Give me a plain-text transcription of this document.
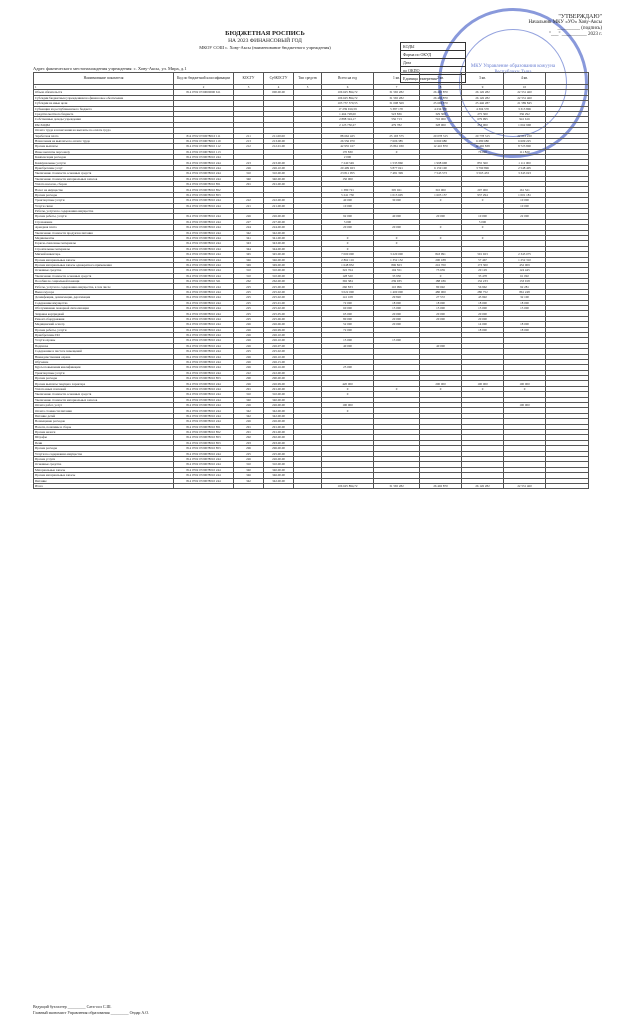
МКУ Управление образования кожууна Республики Тыва
"УТВЕРЖДАЮ"
Начальник МКУ «УО» Хову-Аксы
_________ (подпись)
"___" __________ 2023 г.
БЮДЖЕТНАЯ РОСПИСЬ
НА 2023 ФИНАНСОВЫЙ ГОД
МКОУ СОШ с. Хову-Аксы (наименование бюджетного учреждения)	КОДЫ
Форма по ОКУД
Дата
по ОКПО
Единица измерения
Адрес фактического местонахождения учреждения: с. Хову-Аксы, ул. Мира, д.1
Наименование показателя	Код по бюджетной классификации	КОСГУ	СубКОСГУ	Тип средств	Всего на год	1 кв.	2 кв.	3 кв.	4 кв.	
1	2	3	4	5	6	7	8	9	10	
Объем обязательств	814 0702 0720000000 611		000.00.00		106 625 894,72	31 565 282	26 402 870	26 126 282	22 531 460	
Субсидии бюджетным учреждениям на финансовое обеспечение					106 625 894,72	31 565 282	26 402 870	26 126 282	22 531 460	
Субсидии на иные цели					103 737 570,55	31 008 569	25 692 870	25 446 287	21 589 845	
Субвенции из республиканского бюджета					17 239 916,59	5 387 170	4 234 370	4 304 570	3 313 806	
Средства местного бюджета					1 464 728,00	523 836	329 300	275 300	336 292	
Собственные доходы учреждения					2 888 324,17	556 713	710 000	679 995	941 616	
РАСХОДЫ					2 123 750,27	479 782	328 000	253 000	1 062 968	
Оплата труда и начисления на выплаты по оплате труда										
Заработная плата	814 0702 0720078010 111	211	211.00.00		88 662 425	25 193 575	20 078 315	20 778 315	22 612 220	
Начисления на выплаты по оплате труда	814 0702 0720078010 119	213	213.00.00		26 556 970	7 606 385	6 060 680	6 280 680	6 609 225	
Прочие выплаты	814 0702 0720078010 112	212	212.01.00		42 955 167	15 861 030	12 410 870	12 492 838	8 723 800	
Иные выплаты персоналу	814 0702 0720078010 113				170 830	0		76 020	111 820	
Компенсация расходов	814 0702 0720078010 244				2 000					
Коммунальные услуги	814 0702 0720078010 244	223	223.00.00		7 240 549	1 533 860	1 998 668	855 360	1 111 000	
Приобретение услуг	814 0702 0720078010 244	226	226.10.00		20 499 023	5 877 021	6 159 100	3 790 896	2 548 405	
Увеличение стоимости основных средств	814 0702 0720078010 244	310	310.00.00		23 811 955	7 481 399	7 543 573	3 565 433	3 343 023	
Увеличение стоимости материальных запасов	814 0702 0720078010 244	340	340.00.00		150 000					
Уплата налогов, сборов	814 0702 0720078010 851	291	291.00.00							
Налог на имущество	814 0702 0720078010 852				1 380 721	305 021	310 000	207 000	161 521	
Прочие расходы	814 0702 0720078010 853				5 241 730	1 015 605	1 605 157	937 294	1 001 181	
Транспортные услуги	814 0702 0720078010 244	222	222.00.00		40 000	30 000	0	0	10 000	
Услуги связи	814 0702 0720078010 244	221	221.00.00		10 000				10 000	
Работы, услуги по содержанию имущества										
Прочие работы, услуги	814 0702 0720078010 244	226	226.00.00		92 000	40 000	20 000	10 000	22 000	
Страхование	814 0702 0720078010 244	227	227.00.00		5 000			5 000		
Арендная плата	814 0702 0720078010 244	224	224.00.00		20 000	20 000	0	0		
Увеличение стоимости продуктов питания	814 0702 0720078010 244	342	342.00.00							
Медикаменты	814 0702 0720078010 244	341	341.00.00		0	0	0	0		
Горюче-смазочные материалы	814 0702 0720078010 244	343	343.00.00		0	0				
Строительные материалы	814 0702 0720078010 244	344	344.00.00		0					
Мягкий инвентарь	814 0702 0720078010 244	345	345.00.00		7 000 000	3 220 000	843 991	591 923	2 345 075	
Прочие материальные запасы	814 0702 0720078010 244	346	346.00.00		2 862 116	1 352 152	200 188	57 467	1 252 310	
Прочие материальные запасы однократного применения	814 0702 0720078010 244	349	349.00.00		1 648 832	806 823	216 700	173 300	452 009	
Основные средства	814 0702 0720078010 244	310	310.00.00		322 764	104 551	73 639	20 129	124 445	
Увеличение стоимости основных средств	814 0702 0720078010 244	310	310.00.00		128 520	33 950	0	33 478	61 092	
Пособия по социальной помощи	814 0702 0720078010 321	262	262.00.00		392 384	239 935	188 186	132 233	133 918	
Работы, услуги по содержанию имущества, в том числе	814 0702 0720078010 244	225	225.00.00		260 833	110 996	80 692	56 962	92 281	
Вывоз мусора	814 0702 0720078010 244	225	225.02.00		3 022 000	1 400 000	480 000	280 752	861 248	
Дезинфекция, дезинсекция, дератизация	814 0702 0720078010 244	225	225.02.00		141 108	29 820	27 572	45 992	32 100	
Содержание имущества	814 0702 0720078010 244	225	225.01.00		72 000	18 000	18 000	18 000	18 000	
Обслуживание пожарной сигнализации	814 0702 0720078010 244	225	225.02.00		60 000	15 000	15 000	15 000	15 000	
Заправка картриджей	814 0702 0720078010 244	225	225.05.00		65 000	20 000	20 000	20 000		
Ремонт оборудования	814 0702 0720078010 244	225	225.06.00		80 000	20 000	20 000	20 000		
Медицинский осмотр	814 0702 0720078010 244	226	226.06.00		52 000	20 000		14 000	18 000	
Прочие работы, услуги	814 0702 0720078010 244	226	226.99.00		72 000			18 000	18 000	
Приобретение ПО	814 0702 0720078010 244	226	226.10.00							
Услуги охраны	814 0702 0720078010 244	226	226.10.00		15 000	15 000				
Подписка	814 0702 0720078010 244	226	226.07.00		40 000		40 000			
Содержание в чистоте помещений	814 0702 0720078010 244	225	225.02.00							
Вневедомственная охрана	814 0702 0720078010 244	226	226.10.00							
Обучение	814 0702 0720078010 244	226	226.15.00							
Курсы повышения квалификации	814 0702 0720078010 244	226	226.16.00		25 000					
Транспортные услуги	814 0702 0720078010 244	222	222.00.00							
Прочие расходы	814 0702 0720078010 853	290	290.00.00							
Прочие выплаты текущего характера	814 0702 0720078010 244	226	226.99.00		420 000		200 000	100 000	100 000	
Уплата иных платежей	814 0702 0720078010 244	291	291.00.00		0	0	0	0	0	
Увеличение стоимости основных средств	814 0702 0720078010 244	310	310.00.00		0					
Увеличение стоимости материальных запасов	814 0702 0720078010 244	340	340.00.00							
Оплата работ, услуг	814 0702 0720078010 244	226	226.00.00		100 000				100 000	
Оплата стоимости питания	814 0702 0720078010 244	342	342.00.00		0					
Питание детей	814 0702 0720078010 244	342	342.00.00							
Возмещение расходов	814 0702 0720078010 244	226	226.00.00							
Налоги, пошлины и сборы	814 0702 0720078010 851	291	291.00.00							
Прочие налоги	814 0702 0720078010 852	291	291.00.00							
Штрафы	814 0702 0720078010 853	292	292.00.00							
Пени	814 0702 0720078010 853	293	293.00.00							
Прочие расходы	814 0702 0720078010 853	296	296.00.00							
Услуги по содержанию имущества	814 0702 0720078010 244	225	225.00.00							
Прочие услуги	814 0702 0720078010 244	226	226.00.00							
Основные средства	814 0702 0720078010 244	310	310.00.00							
Материальные запасы	814 0702 0720078010 244	340	340.00.00							
Прочие материальные запасы	814 0702 0720078010 244	346	346.00.00							
Питание	814 0702 0720078010 244	342	342.00.00							
Итого					106 625 894,72	31 565 282	26 402 870	26 126 282	22 531 460	
Ведущий бухгалтер _________ Сата-оол С.Ш.
Главный экономист Управления образования _________ Ондар А.О.
